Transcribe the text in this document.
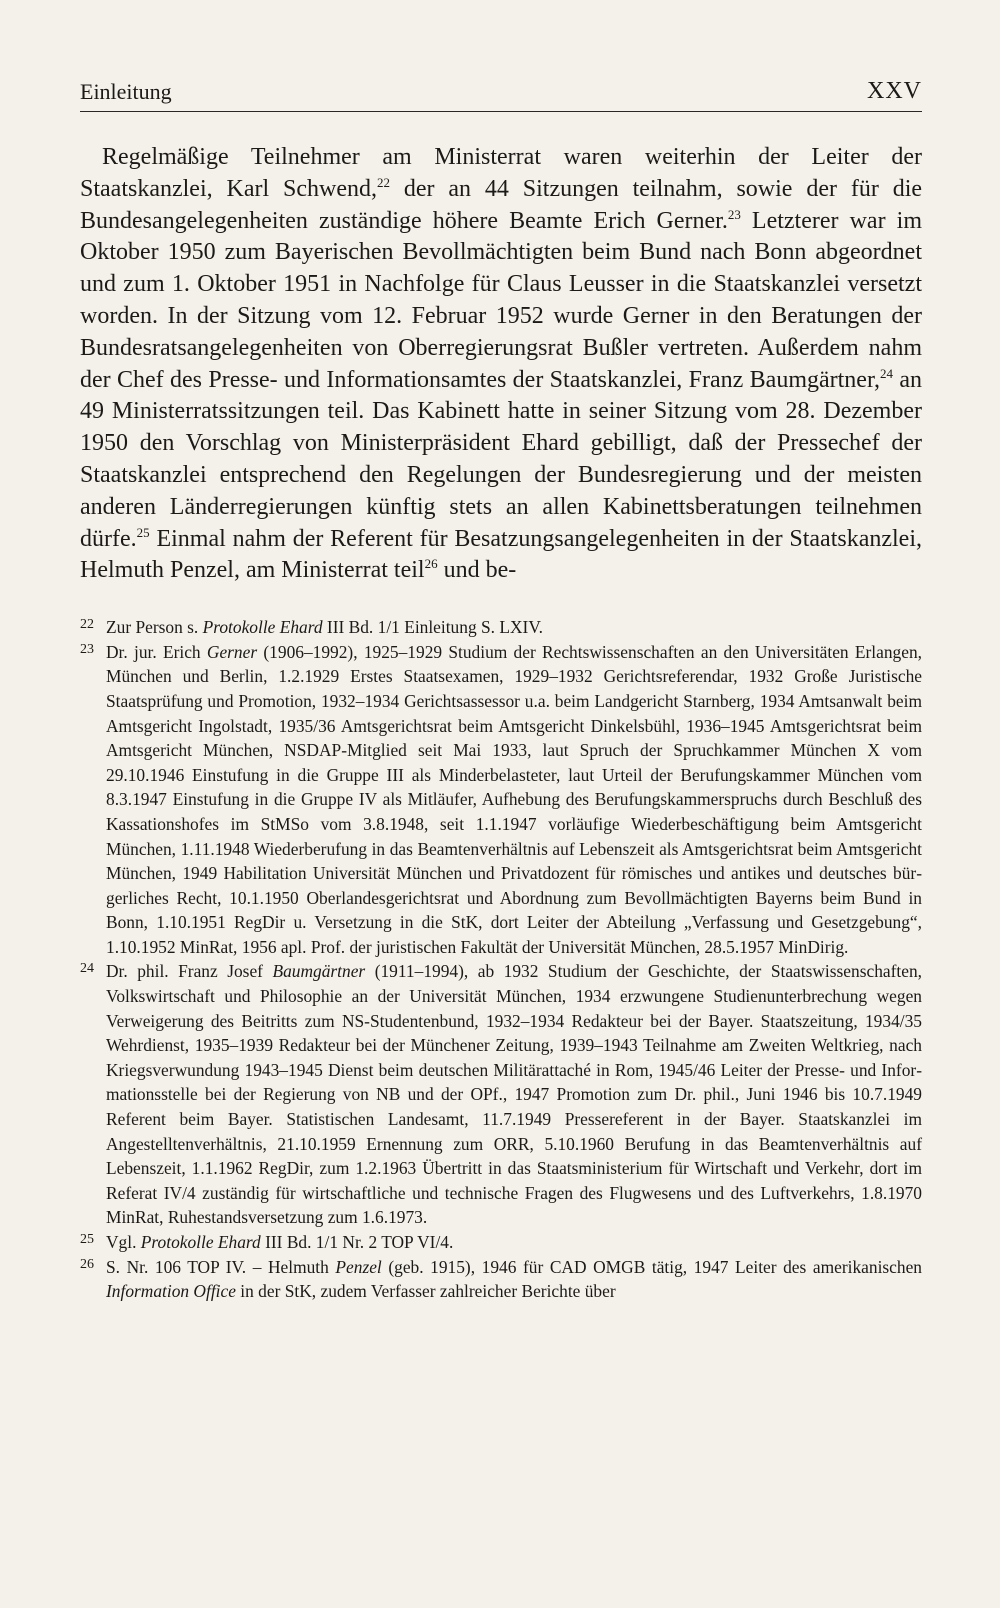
Einleitung	XXV
Regelmäßige Teilnehmer am Ministerrat waren weiterhin der Leiter der Staatskanzlei, Karl Schwend,$^{22}$ der an 44 Sitzungen teilnahm, sowie der für die Bundesangelegenheiten zuständige höhere Beamte Erich Gerner.$^{23}$ Letzterer war im Oktober 1950 zum Bayerischen Bevollmächtigten beim Bund nach Bonn abgeordnet und zum 1. Oktober 1951 in Nachfolge für Claus Leusser in die Staatskanzlei versetzt worden. In der Sitzung vom 12. Februar 1952 wurde Gerner in den Beratungen der Bundesratsangelegenheiten von Oberregierungsrat Bußler vertreten. Außerdem nahm der Chef des Presse- und Informationsamtes der Staatskanzlei, Franz Baumgärtner,$^{24}$ an 49 Ministerratssitzungen teil. Das Kabinett hatte in seiner Sitzung vom 28. Dezember 1950 den Vorschlag von Ministerpräsident Ehard gebilligt, daß der Pressechef der Staatskanzlei entsprechend den Regelungen der Bundesregierung und der meisten anderen Länderregierungen künftig stets an allen Kabinettsberatungen teilnehmen dürfe.$^{25}$ Einmal nahm der Referent für Besatzungsangelegenheiten in der Staatskanzlei, Helmuth Penzel, am Ministerrat teil$^{26}$ und be-
22 Zur Person s. Protokolle Ehard III Bd. 1/1 Einleitung S. LXIV.
23 Dr. jur. Erich Gerner (1906–1992), 1925–1929 Studium der Rechtswissenschaften an den Universitäten Erlangen, München und Berlin, 1.2.1929 Erstes Staatsexamen, 1929–1932 Gerichtsreferendar, 1932 Große Juristische Staatsprüfung und Promotion, 1932–1934 Gerichtsassessor u.a. beim Landgericht Starnberg, 1934 Amtsanwalt beim Amtsgericht Ingolstadt, 1935/36 Amtsgerichtsrat beim Amtsgericht Dinkelsbühl, 1936–1945 Amtsgerichtsrat beim Amtsgericht München, NSDAP-Mitglied seit Mai 1933, laut Spruch der Spruchkammer München X vom 29.10.1946 Einstufung in die Gruppe III als Minderbelasteter, laut Urteil der Berufungskammer München vom 8.3.1947 Einstufung in die Gruppe IV als Mitläufer, Aufhebung des Berufungskammerspruchs durch Beschluß des Kassationshofes im StMSo vom 3.8.1948, seit 1.1.1947 vorläufige Wiederbeschäftigung beim Amtsgericht München, 1.11.1948 Wiederberufung in das Beamtenverhältnis auf Lebenszeit als Amtsgerichtsrat beim Amtsgericht München, 1949 Habilitation Universität München und Privatdozent für römisches und antikes und deutsches bürgerliches Recht, 10.1.1950 Oberlandesgerichtsrat und Abordnung zum Bevollmächtigten Bayerns beim Bund in Bonn, 1.10.1951 RegDir u. Versetzung in die StK, dort Leiter der Abteilung „Verfassung und Gesetzgebung“, 1.10.1952 MinRat, 1956 apl. Prof. der juristischen Fakultät der Universität München, 28.5.1957 MinDirig.
24 Dr. phil. Franz Josef Baumgärtner (1911–1994), ab 1932 Studium der Geschichte, der Staatswissenschaften, Volkswirtschaft und Philosophie an der Universität München, 1934 erzwungene Studienunterbrechung wegen Verweigerung des Beitritts zum NS-Studentenbund, 1932–1934 Redakteur bei der Bayer. Staatszeitung, 1934/35 Wehrdienst, 1935–1939 Redakteur bei der Münchener Zeitung, 1939–1943 Teilnahme am Zweiten Weltkrieg, nach Kriegsverwundung 1943–1945 Dienst beim deutschen Militärattaché in Rom, 1945/46 Leiter der Presse- und Informationsstelle bei der Regierung von NB und der OPf., 1947 Promotion zum Dr. phil., Juni 1946 bis 10.7.1949 Referent beim Bayer. Statistischen Landesamt, 11.7.1949 Pressereferent in der Bayer. Staatskanzlei im Angestelltenverhältnis, 21.10.1959 Ernennung zum ORR, 5.10.1960 Berufung in das Beamtenverhältnis auf Lebenszeit, 1.1.1962 RegDir, zum 1.2.1963 Übertritt in das Staatsministerium für Wirtschaft und Verkehr, dort im Referat IV/4 zuständig für wirtschaftliche und technische Fragen des Flugwesens und des Luftverkehrs, 1.8.1970 MinRat, Ruhestandsversetzung zum 1.6.1973.
25 Vgl. Protokolle Ehard III Bd. 1/1 Nr. 2 TOP VI/4.
26 S. Nr. 106 TOP IV. – Helmuth Penzel (geb. 1915), 1946 für CAD OMGB tätig, 1947 Leiter des amerikanischen Information Office in der StK, zudem Verfasser zahlreicher Berichte über
